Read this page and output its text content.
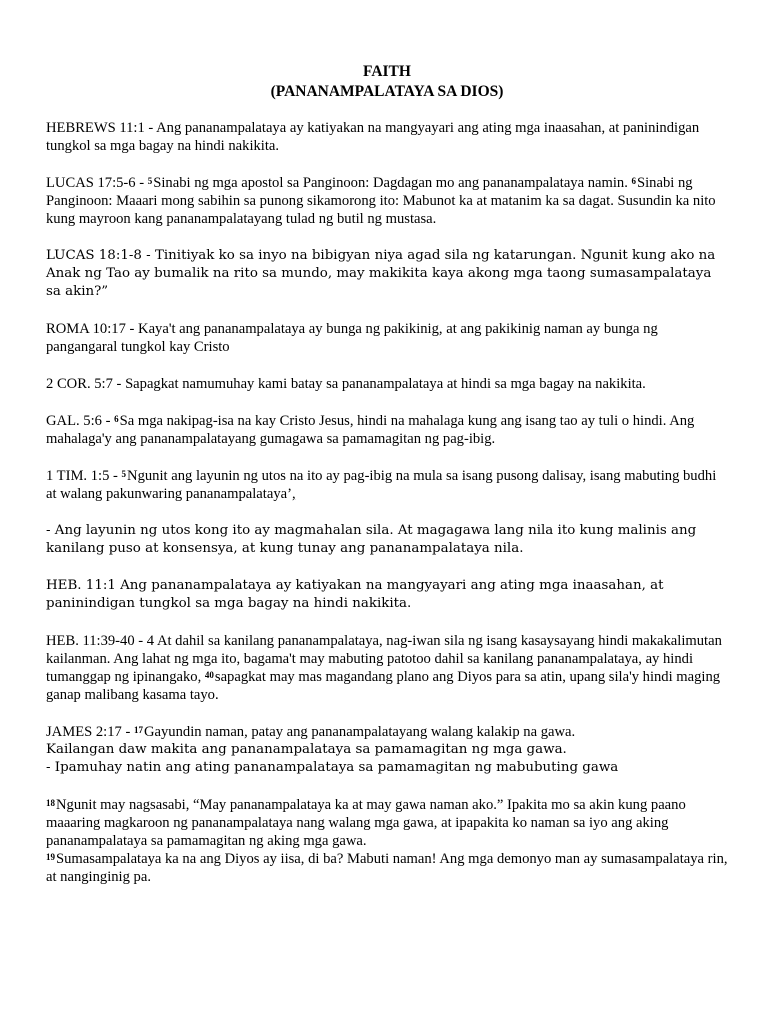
FAITH

(PANANAMPALATAYA SA DIOS)

HEBREWS 11:1 - Ang pananampalataya ay katiyakan na mangyayari ang ating mga inaasahan, at paninindigan tungkol sa mga bagay na hindi nakikita.

LUCAS 17:5-6 - $^5$Sinabi ng mga apostol sa Panginoon: Dagdagan mo ang pananampalataya namin. $^6$Sinabi ng Panginoon: Maaari mong sabihin sa punong sikamorong ito: Mabunot ka at matanim ka sa dagat. Susundin ka nito kung mayroon kang pananampalatayang tulad ng butil ng mustasa.

LUCAS 18:1-8 - Tinitiyak ko sa inyo na bibigyan niya agad sila ng katarungan. Ngunit kung ako na Anak ng Tao ay bumalik na rito sa mundo, may makikita kaya akong mga taong sumasampalataya sa akin?”

ROMA 10:17 - Kaya't ang pananampalataya ay bunga ng pakikinig, at ang pakikinig naman ay bunga ng pangangaral tungkol kay Cristo

2 COR. 5:7 - Sapagkat namumuhay kami batay sa pananampalataya at hindi sa mga bagay na nakikita.

GAL. 5:6 - $^6$Sa mga nakipag-isa na kay Cristo Jesus, hindi na mahalaga kung ang isang tao ay tuli o hindi. Ang mahalaga'y ang pananampalatayang gumagawa sa pamamagitan ng pag-ibig.

1 TIM. 1:5 - $^5$Ngunit ang layunin ng utos na ito ay pag-ibig na mula sa isang pusong dalisay, isang mabuting budhi at walang pakunwaring pananampalataya’,

- Ang layunin ng utos kong ito ay magmahalan sila. At magagawa lang nila ito kung malinis ang kanilang puso at konsensya, at kung tunay ang pananampalataya nila.

HEB. 11:1 Ang pananampalataya ay katiyakan na mangyayari ang ating mga inaasahan, at paninindigan tungkol sa mga bagay na hindi nakikita.

HEB. 11:39-40 - 4 At dahil sa kanilang pananampalataya, nag-iwan sila ng isang kasaysayang hindi makakalimutan kailanman. Ang lahat ng mga ito, bagama't may mabuting patotoo dahil sa kanilang pananampalataya, ay hindi tumanggap ng ipinangako, $^{40}$sapagkat may mas magandang plano ang Diyos para sa atin, upang sila'y hindi maging ganap malibang kasama tayo.

JAMES 2:17 - $^{17}$Gayundin naman, patay ang pananampalatayang walang kalakip na gawa.

Kailangan daw makita ang pananampalataya sa pamamagitan ng mga gawa.

- Ipamuhay natin ang ating pananampalataya sa pamamagitan ng mabubuting gawa

$^{18}$Ngunit may nagsasabi, “May pananampalataya ka at may gawa naman ako.” Ipakita mo sa akin kung paano maaaring magkaroon ng pananampalataya nang walang mga gawa, at ipapakita ko naman sa iyo ang aking pananampalataya sa pamamagitan ng aking mga gawa.

$^{19}$Sumasampalataya ka na ang Diyos ay iisa, di ba? Mabuti naman! Ang mga demonyo man ay sumasampalataya rin, at nanginginig pa.
